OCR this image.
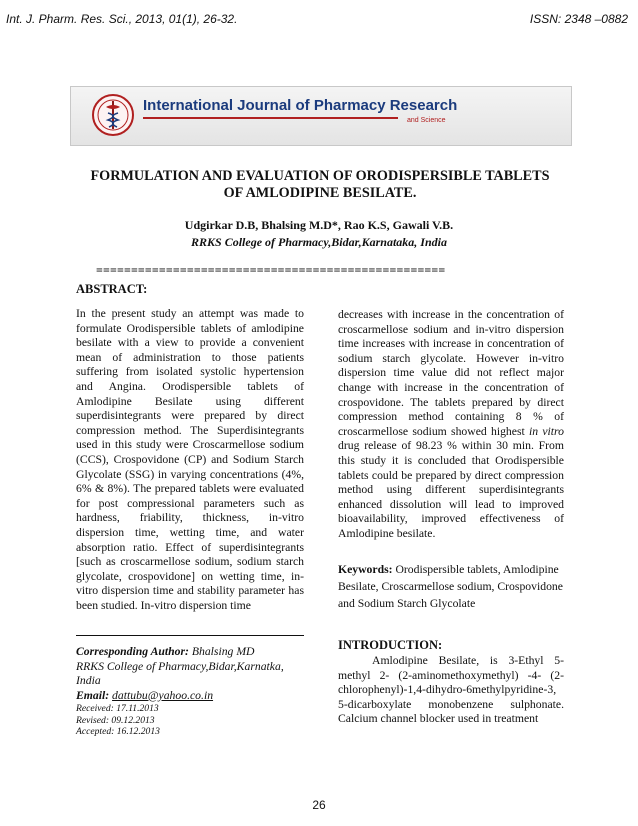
Int. J. Pharm. Res. Sci., 2013, 01(1), 26-32.	ISSN: 2348 –0882
International Journal of Pharmacy Research
and Science
FORMULATION AND EVALUATION OF ORODISPERSIBLE TABLETS
OF AMLODIPINE BESILATE.
Udgirkar D.B, Bhalsing M.D*, Rao K.S, Gawali V.B.
RRKS College of Pharmacy,Bidar,Karnataka, India
==================================================
ABSTRACT:

In the present study an attempt was made to formulate Orodispersible tablets of amlodipine besilate with a view to provide a convenient mean of administration to those patients suffering from isolated systolic hypertension and Angina. Orodispersible tablets of Amlodipine Besilate using different superdisintegrants were prepared by direct compression method. The Superdisintegrants used in this study were Croscarmellose sodium (CCS), Crospovidone (CP) and Sodium Starch Glycolate (SSG) in varying concentrations (4%, 6% & 8%). The prepared tablets were evaluated for post compressional parameters such as hardness, friability, thickness, in-vitro dispersion time, wetting time, and water absorption ratio. Effect of superdisintegrants [such as croscarmellose sodium, sodium starch glycolate, crospovidone] on wetting time, in-vitro dispersion time and stability parameter has been studied. In-vitro dispersion time

Corresponding Author: Bhalsing MD
RRKS College of Pharmacy,Bidar,Karnatka,
India
Email: dattubu@yahoo.co.in
Received: 17.11.2013
Revised: 09.12.2013
Accepted: 16.12.2013

decreases with increase in the concentration of croscarmellose sodium and in-vitro dispersion time increases with increase in concentration of sodium starch glycolate. However in-vitro dispersion time value did not reflect major change with increase in the concentration of crospovidone. The tablets prepared by direct compression method containing 8 % of croscarmellose sodium showed highest in vitro drug release of 98.23 % within 30 min. From this study it is concluded that Orodispersible tablets could be prepared by direct compression method using different superdisintegrants enhanced dissolution will lead to improved bioavailability, improved effectiveness of Amlodipine besilate.

Keywords: Orodispersible tablets, Amlodipine Besilate, Croscarmellose sodium, Crospovidone and Sodium Starch Glycolate
INTRODUCTION:

Amlodipine Besilate, is 3-Ethyl 5-methyl 2- (2-aminomethoxymethyl) -4- (2-chlorophenyl)-1,4-dihydro-6methylpyridine-3, 5-dicarboxylate monobenzene sulphonate. Calcium channel blocker used in treatment

26
